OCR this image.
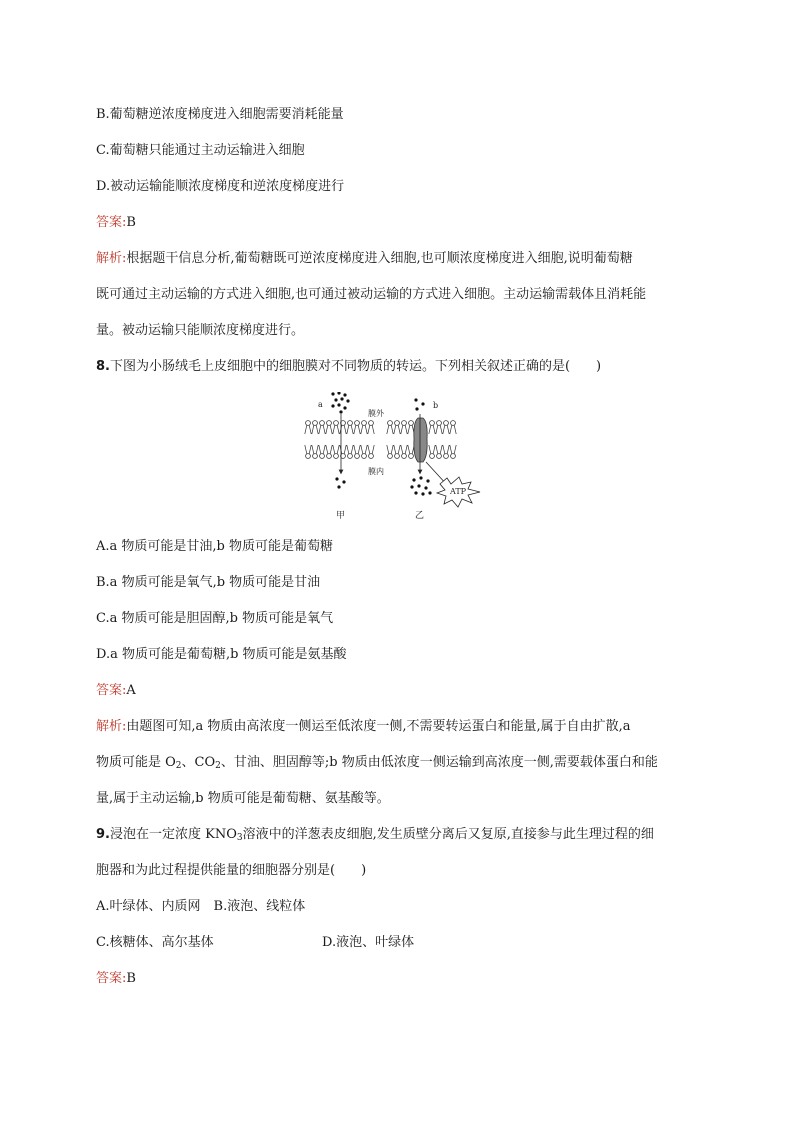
B.葡萄糖逆浓度梯度进入细胞需要消耗能量
C.葡萄糖只能通过主动运输进入细胞
D.被动运输能顺浓度梯度和逆浓度梯度进行
答案:B
解析:根据题干信息分析,葡萄糖既可逆浓度梯度进入细胞,也可顺浓度梯度进入细胞,说明葡萄糖
既可通过主动运输的方式进入细胞,也可通过被动运输的方式进入细胞。主动运输需载体且消耗能
量。被动运输只能顺浓度梯度进行。
8.下图为小肠绒毛上皮细胞中的细胞膜对不同物质的转运。下列相关叙述正确的是(　　)
a	b
ATP
膜外
膜内
甲	乙
A.a 物质可能是甘油,b 物质可能是葡萄糖
B.a 物质可能是氧气,b 物质可能是甘油
C.a 物质可能是胆固醇,b 物质可能是氧气
D.a 物质可能是葡萄糖,b 物质可能是氨基酸
答案:A
解析:由题图可知,a 物质由高浓度一侧运至低浓度一侧,不需要转运蛋白和能量,属于自由扩散,a
物质可能是 $O_2$、$CO_2$、甘油、胆固醇等;b 物质由低浓度一侧运输到高浓度一侧,需要载体蛋白和能
量,属于主动运输,b 物质可能是葡萄糖、氨基酸等。
9.浸泡在一定浓度 $KNO_3$溶液中的洋葱表皮细胞,发生质壁分离后又复原,直接参与此生理过程的细
胞器和为此过程提供能量的细胞器分别是(　　)
A.叶绿体、内质网　B.液泡、线粒体
C.核糖体、高尔基体	D.液泡、叶绿体
答案:B
